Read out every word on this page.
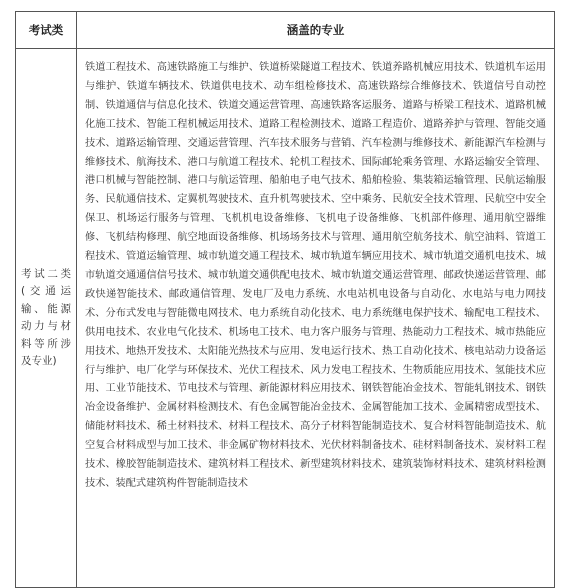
考试类	涵盖的专业
考试二类(交通运输、能源动力与材料等所涉及专业)	铁道工程技术、高速铁路施工与维护、铁道桥梁隧道工程技术、铁道养路机械应用技术、铁道机车运用与维护、铁道车辆技术、铁道供电技术、动车组检修技术、高速铁路综合维修技术、铁道信号自动控制、铁道通信与信息化技术、铁道交通运营管理、高速铁路客运服务、道路与桥梁工程技术、道路机械化施工技术、智能工程机械运用技术、道路工程检测技术、道路工程造价、道路养护与管理、智能交通技术、道路运输管理、交通运营管理、汽车技术服务与营销、汽车检测与维修技术、新能源汽车检测与维修技术、航海技术、港口与航道工程技术、轮机工程技术、国际邮轮乘务管理、水路运输安全管理、港口机械与智能控制、港口与航运管理、船舶电子电气技术、船舶检验、集装箱运输管理、民航运输服务、民航通信技术、定翼机驾驶技术、直升机驾驶技术、空中乘务、民航安全技术管理、民航空中安全保卫、机场运行服务与管理、飞机机电设备维修、飞机电子设备维修、飞机部件修理、通用航空器维修、飞机结构修理、航空地面设备维修、机场场务技术与管理、通用航空航务技术、航空油料、管道工程技术、管道运输管理、城市轨道交通工程技术、城市轨道车辆应用技术、城市轨道交通机电技术、城市轨道交通通信信号技术、城市轨道交通供配电技术、城市轨道交通运营管理、邮政快递运营管理、邮政快递智能技术、邮政通信管理、发电厂及电力系统、水电站机电设备与自动化、水电站与电力网技术、分布式发电与智能微电网技术、电力系统自动化技术、电力系统继电保护技术、输配电工程技术、供用电技术、农业电气化技术、机场电工技术、电力客户服务与管理、热能动力工程技术、城市热能应用技术、地热开发技术、太阳能光热技术与应用、发电运行技术、热工自动化技术、核电站动力设备运行与维护、电厂化学与环保技术、光伏工程技术、风力发电工程技术、生物质能应用技术、氢能技术应用、工业节能技术、节电技术与管理、新能源材料应用技术、钢铁智能冶金技术、智能轧钢技术、钢铁冶金设备维护、金属材料检测技术、有色金属智能冶金技术、金属智能加工技术、金属精密成型技术、储能材料技术、稀土材料技术、材料工程技术、高分子材料智能制造技术、复合材料智能制造技术、航空复合材料成型与加工技术、非金属矿物材料技术、光伏材料制备技术、硅材料制备技术、炭材料工程技术、橡胶智能制造技术、建筑材料工程技术、新型建筑材料技术、建筑装饰材料技术、建筑材料检测技术、装配式建筑构件智能制造技术
